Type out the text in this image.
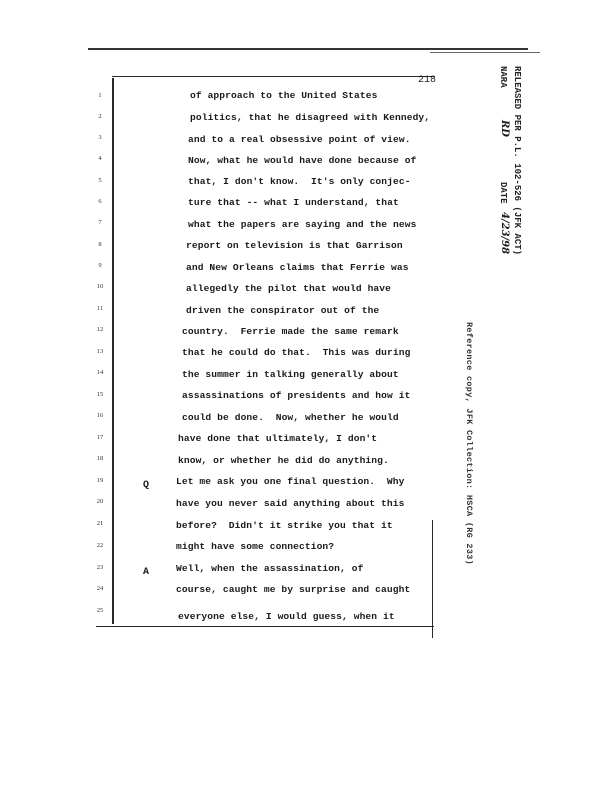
218	RELEASED PER P.L. 102-526 (JFK ACT)
NARA
RD
DATE
4/23/98
Reference copy, JFK Collection: HSCA (RG 233)
1	of approach to the United States
2	politics, that he disagreed with Kennedy,
3	and to a real obsessive point of view.
4	Now, what he would have done because of
5	that, I don't know.  It's only conjec-
6	ture that -- what I understand, that
7	what the papers are saying and the news
8	report on television is that Garrison
9	and New Orleans claims that Ferrie was
10	allegedly the pilot that would have
11	driven the conspirator out of the
12	country.  Ferrie made the same remark
13	that he could do that.  This was during
14	the summer in talking generally about
15	assassinations of presidents and how it
16	could be done.  Now, whether he would
17	have done that ultimately, I don't
18	know, or whether he did do anything.
19	Q	Let me ask you one final question.  Why
20	have you never said anything about this
21	before?  Didn't it strike you that it
22	might have some connection?
23	A	Well, when the assassination, of
24	course, caught me by surprise and caught
25
everyone else, I would guess, when it
